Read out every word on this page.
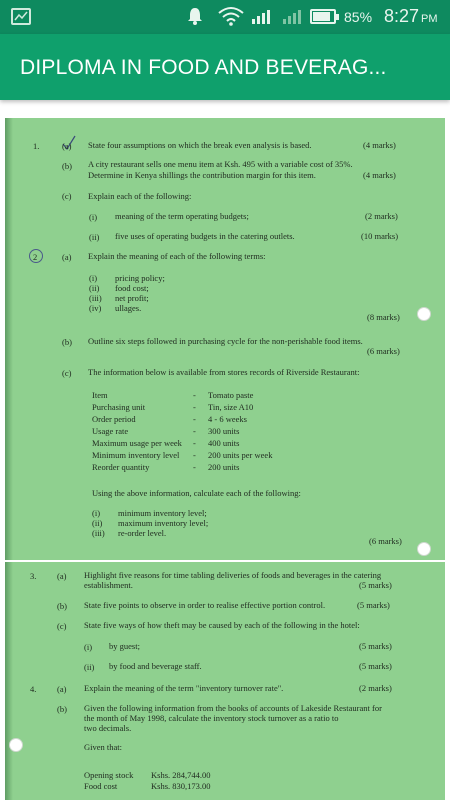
85% 8:27 PM
DIPLOMA IN FOOD AND BEVERAG...
1.	(a) State four assumptions on which the break even analysis is based.	(4 marks)
(b) A city restaurant sells one menu item at Ksh. 495 with a variable cost of 35%.
Determine in Kenya shillings the contribution margin for this item.	(4 marks)
(c) Explain each of the following:
(i) meaning of the term operating budgets;	(2 marks)
(ii) five uses of operating budgets in the catering outlets.	(10 marks)
2	(a) Explain the meaning of each of the following terms:
(8 marks)
(b) Outline six steps followed in purchasing cycle for the non-perishable food items.
(6 marks)
(c) The information below is available from stores records of Riverside Restaurant:
Using the above information, calculate each of the following:
(6 marks)
3. (a) Highlight five reasons for time tabling deliveries of foods and beverages in the catering
establishment.	(5 marks)
(b) State five points to observe in order to realise effective portion control.	(5 marks)
(c) State five ways of how theft may be caused by each of the following in the hotel:
(i) by guest;	(5 marks)
(ii) by food and beverage staff.	(5 marks)
4. (a) Explain the meaning of the term "inventory turnover rate".	(2 marks)
(b) Given the following information from the books of accounts of Lakeside Restaurant for
the month of May 1998, calculate the inventory stock turnover as a ratio to
two decimals.
Given that:
(i) pricing policy;
(ii) food cost;
(iii) net profit;
(iv) ullages.
Item	- Tomato paste
Purchasing unit	- Tin, size A10
Order period	- 4 - 6 weeks
Usage rate	- 300 units
Maximum usage per week - 400 units
Minimum inventory level - 200 units per week
Reorder quantity	- 200 units
(i) minimum inventory level;
(ii) maximum inventory level;
(iii) re-order level.
Opening stock Kshs. 284,744.00
Food cost	Kshs. 830,173.00
